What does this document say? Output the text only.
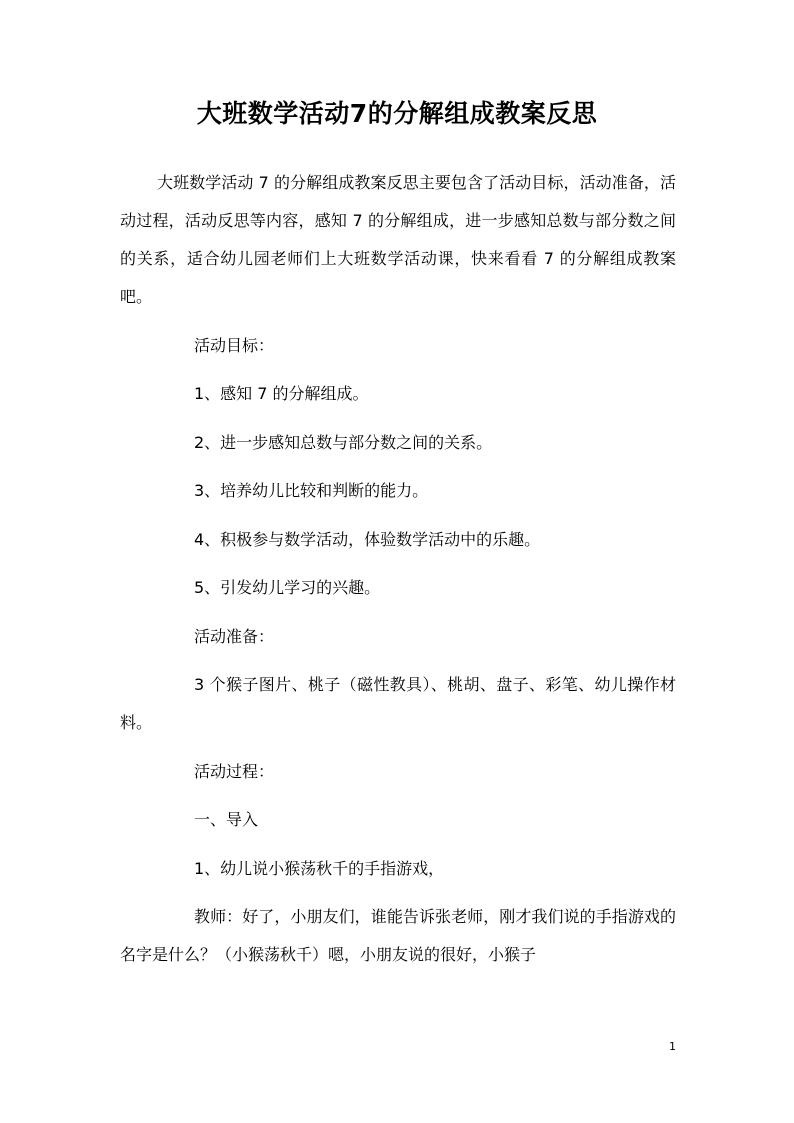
大班数学活动7的分解组成教案反思

大班数学活动 7 的分解组成教案反思主要包含了活动目标，活动准备，活动过程，活动反思等内容，感知 7 的分解组成，进一步感知总数与部分数之间的关系，适合幼儿园老师们上大班数学活动课，快来看看 7 的分解组成教案吧。

活动目标：

1、感知 7 的分解组成。

2、进一步感知总数与部分数之间的关系。

3、培养幼儿比较和判断的能力。

4、积极参与数学活动，体验数学活动中的乐趣。

5、引发幼儿学习的兴趣。

活动准备：

3 个猴子图片、桃子（磁性教具）、桃胡、盘子、彩笔、幼儿操作材料。

活动过程：

一、导入

1、幼儿说小猴荡秋千的手指游戏，

教师：好了，小朋友们，谁能告诉张老师，刚才我们说的手指游戏的名字是什么？（小猴荡秋千）嗯，小朋友说的很好，小猴子

1
